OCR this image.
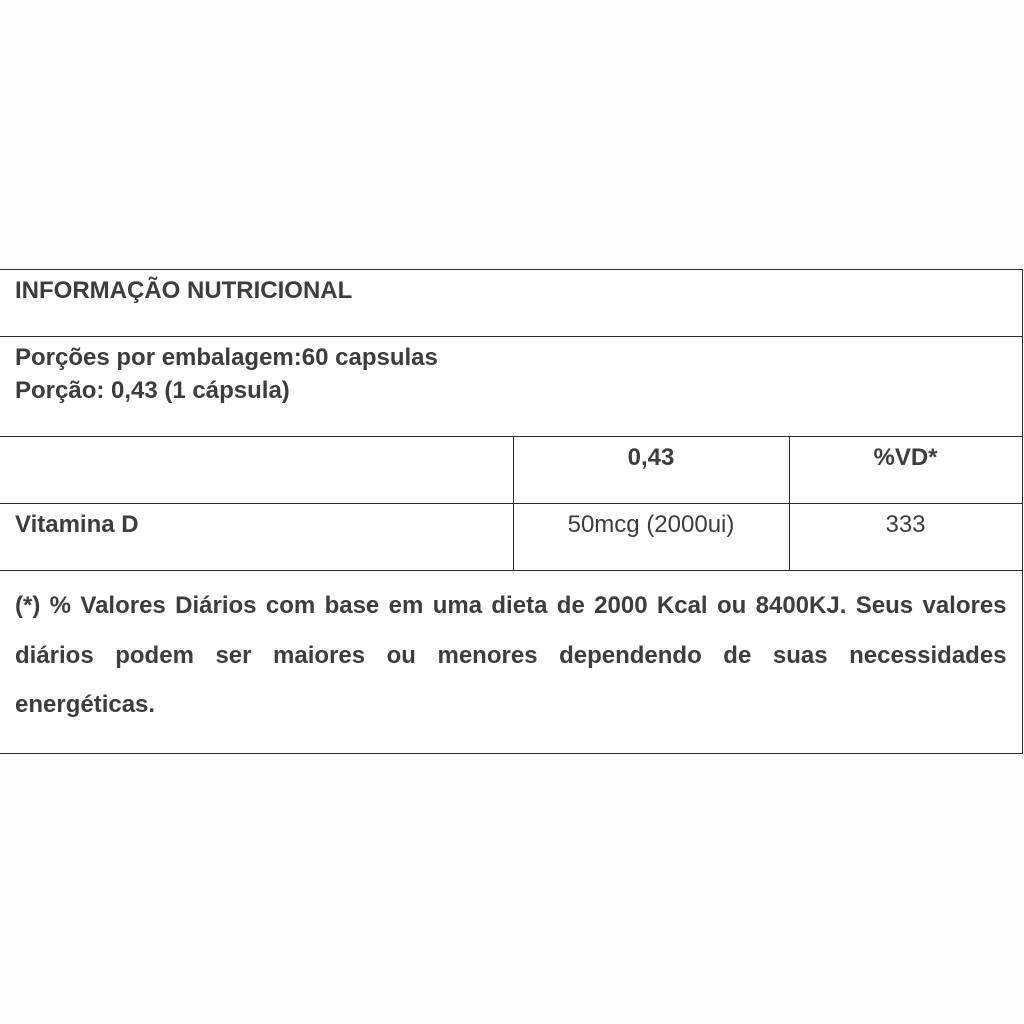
INFORMAÇÃO NUTRICIONAL		

Porções por embalagem:60 capsulas
Porção: 0,43 (1 cápsula)		

	0,43	%VD*

Vitamina D	50mcg (2000ui)	333

(*) % Valores Diários com base em uma dieta de 2000 Kcal ou 8400KJ. Seus valores diários podem ser maiores ou menores dependendo de suas necessidades energéticas.		
